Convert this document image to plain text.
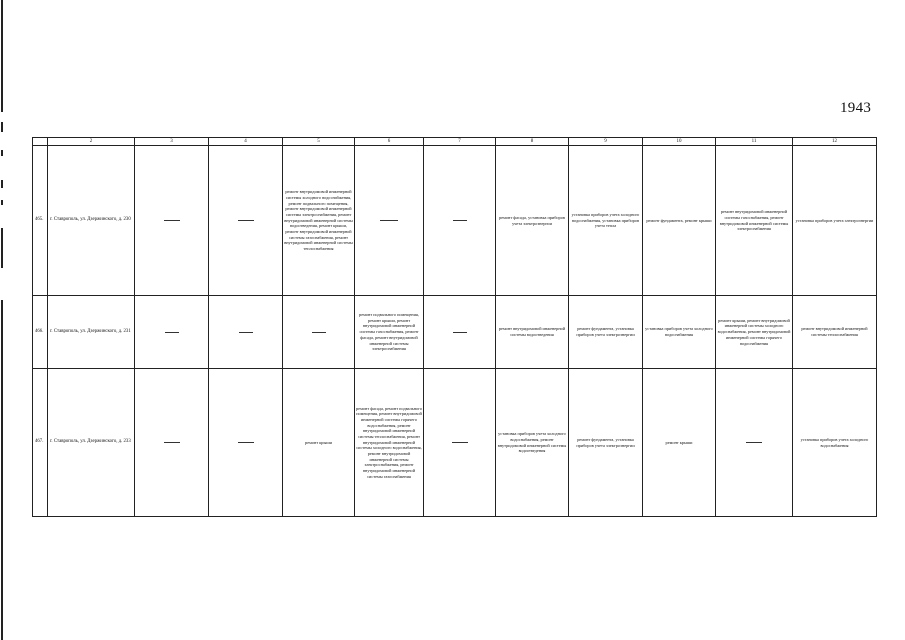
1943
	2	3	4	5	6	7	8	9	10	11	12
465.	г. Ставрополь, ул. Дзержинского, д. 230			ремонт внутридомовой инженерной системы холодного водоснабжения, ремонт подвального помещения, ремонт внутридомовой инженерной системы электроснабжения, ремонт внутридомовой инженерной системы водоотведения, ремонт крыши, ремонт внутридомовой инженерной системы газоснабжения, ремонт внутридомовой инженерной системы теплоснабжения			ремонт фасада, установка приборов учета электроэнергии	установка приборов учета холодного водоснабжения, установка приборов учета тепла	ремонт фундамента, ремонт крыши	ремонт внутридомовой инженерной системы газоснабжения, ремонт внутридомовой инженерной системы электроснабжения	установка приборов учета электроэнергии
466.	г. Ставрополь, ул. Дзержинского, д. 231				ремонт подвального помещения, ремонт крыши, ремонт внутридомовой инженерной системы газоснабжения, ремонт фасада, ремонт внутридомовой инженерной системы электроснабжения		ремонт внутридомовой инженерной системы водоотведения	ремонт фундамента, установка приборов учета электроэнергии	установка приборов учета холодного водоснабжения	ремонт крыши, ремонт внутридомовой инженерной системы холодного водоснабжения, ремонт внутридомовой инженерной системы горячего водоснабжения	ремонт внутридомовой инженерной системы теплоснабжения
467.	г. Ставрополь, ул. Дзержинского, д. 233			ремонт крыши	ремонт фасада, ремонт подвального помещения, ремонт внутридомовой инженерной системы горячего водоснабжения, ремонт внутридомовой инженерной системы теплоснабжения, ремонт внутридомовой инженерной системы холодного водоснабжения, ремонт внутридомовой инженерной системы электроснабжения, ремонт внутридомовой инженерной системы газоснабжения		установка приборов учета холодного водоснабжения, ремонт внутридомовой инженерной системы водоотведения	ремонт фундамента, установка приборов учета электроэнергии	ремонт крыши		установка приборов учета холодного водоснабжения
